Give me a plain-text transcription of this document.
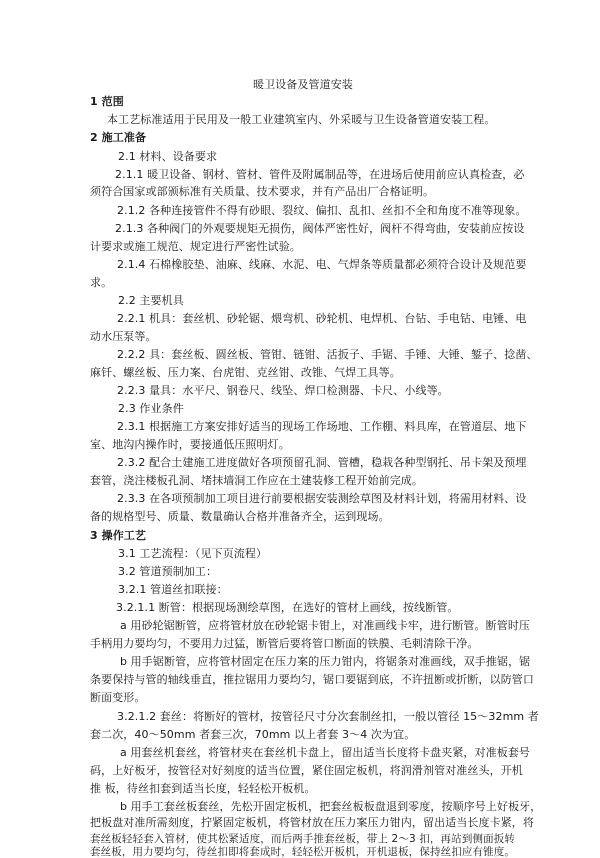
暖卫设备及管道安装
1 范围
本工艺标准适用于民用及一般工业建筑室内、外采暖与卫生设备管道安装工程。
2 施工准备
2.1 材料、设备要求
2.1.1 暖卫设备、钢材、管材、管件及附属制品等，在进场后使用前应认真检查，必
须符合国家或部颁标准有关质量、技术要求，并有产品出厂合格证明。
2.1.2 各种连接管件不得有砂眼、裂纹、偏扣、乱扣、丝扣不全和角度不准等现象。
2.1.3 各种阀门的外观要规矩无损伤，阀体严密性好，阀杆不得弯曲，安装前应按设
计要求或施工规范、规定进行严密性试验。
2.1.4 石棉橡胶垫、油麻、线麻、水泥、电、气焊条等质量都必须符合设计及规范要
求。
2.2 主要机具
2.2.1 机具：套丝机、砂轮锯、煨弯机、砂轮机、电焊机、台钻、手电钻、电锤、电
动水压泵等。
2.2.2 具：套丝板、圆丝板、管钳、链钳、活扳子、手锯、手锤、大锤、錾子、捻凿、
麻钎、螺丝板、压力案、台虎钳、克丝钳、改锥、气焊工具等。
2.2.3 量具：水平尺、钢卷尺、线坠、焊口检测器、卡尺、小线等。
2.3 作业条件
2.3.1 根据施工方案安排好适当的现场工作场地、工作棚、料具库，在管道层、地下
室、地沟内操作时，要接通低压照明灯。
2.3.2 配合土建施工进度做好各项预留孔洞、管槽，稳栽各种型钢托、吊卡架及预埋
套管，浇注楼板孔洞、堵抹墙洞工作应在土建装修工程开始前完成。
2.3.3 在各项预制加工项目进行前要根据安装测绘草图及材料计划，将需用材料、设
备的规格型号、质量、数量确认合格并准备齐全，运到现场。
3 操作工艺
3.1 工艺流程：（见下页流程）
3.2 管道预制加工：
3.2.1 管道丝扣联接：
3.2.1.1 断管：根据现场测绘草图，在选好的管材上画线，按线断管。
a 用砂轮锯断管，应将管材放在砂轮锯卡钳上，对准画线卡牢，进行断管。断管时压
手柄用力要均匀，不要用力过猛，断管后要将管口断面的铁膜、毛刺清除干净。
b 用手锯断管，应将管材固定在压力案的压力钳内，将锯条对准画线，双手推锯，锯
条要保持与管的轴线垂直，推拉锯用力要均匀，锯口要锯到底，不许扭断或折断，以防管口
断面变形。
3.2.1.2 套丝：将断好的管材，按管径尺寸分次套制丝扣，一般以管径 15～32mm 者
套二次，40～50mm 者套三次，70mm 以上者套 3～4 次为宜。
a 用套丝机套丝，将管材夹在套丝机卡盘上，留出适当长度将卡盘夹紧，对准板套号
码，上好板牙，按管径对好刻度的适当位置，紧住固定板机，将润滑剂管对准丝头，开机
推 板，待丝扣套到适当长度，轻轻松开板机。
b 用手工套丝板套丝，先松开固定板机，把套丝板板盘退到零度，按顺序号上好板牙，
把板盘对准所需刻度，拧紧固定板机，将管材放在压力案压力钳内，留出适当长度卡紧，将
套丝板轻轻套入管材，使其松紧适度，而后两手推套丝板，带上 2～3 扣，再站到侧面扳转
套丝板，用力要均匀，待丝扣即将套成时，轻轻松开板机，开机退板，保持丝扣应有锥度。
